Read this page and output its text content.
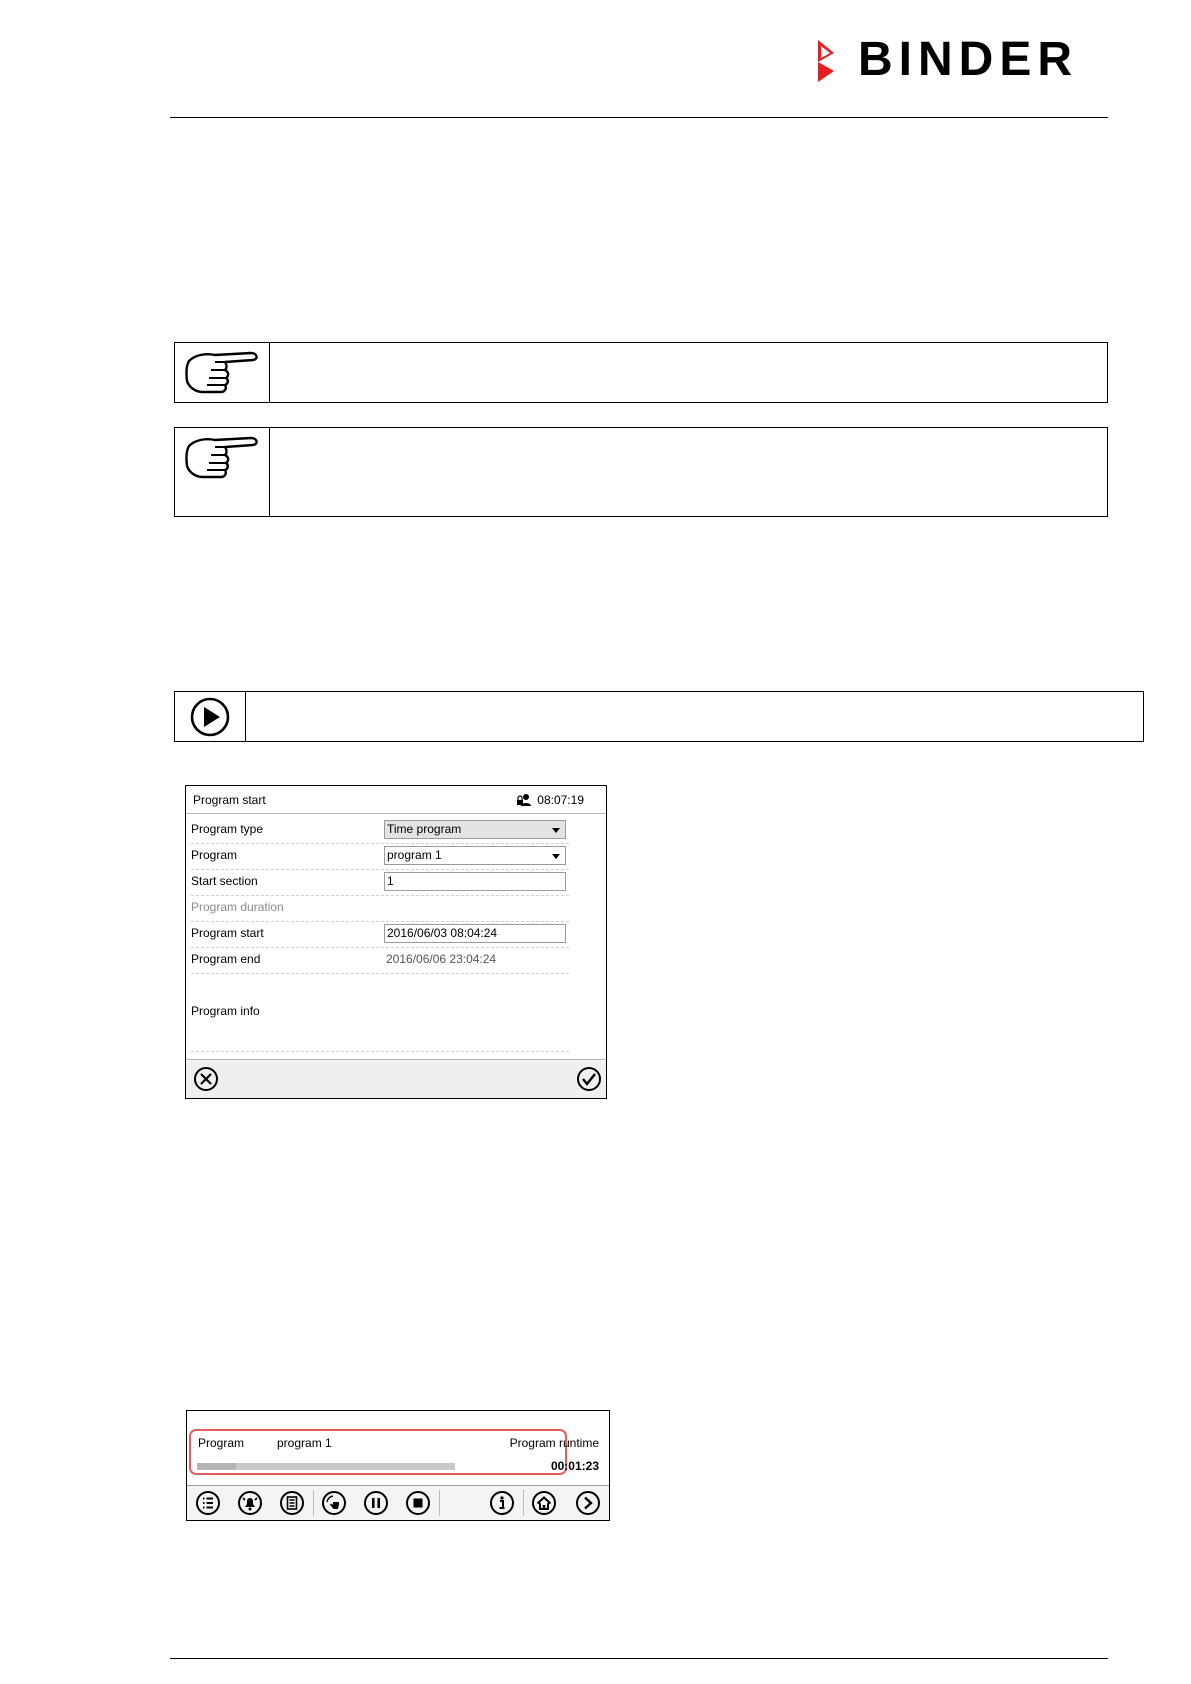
BINDER
Program start	08:07:19
Program type	Time program
Program	program 1
Start section	1
Program duration
Program start	2016/06/03 08:04:24
Program end	2016/06/06 23:04:24
Program info
Program	program 1	Program runtime
00:01:23
